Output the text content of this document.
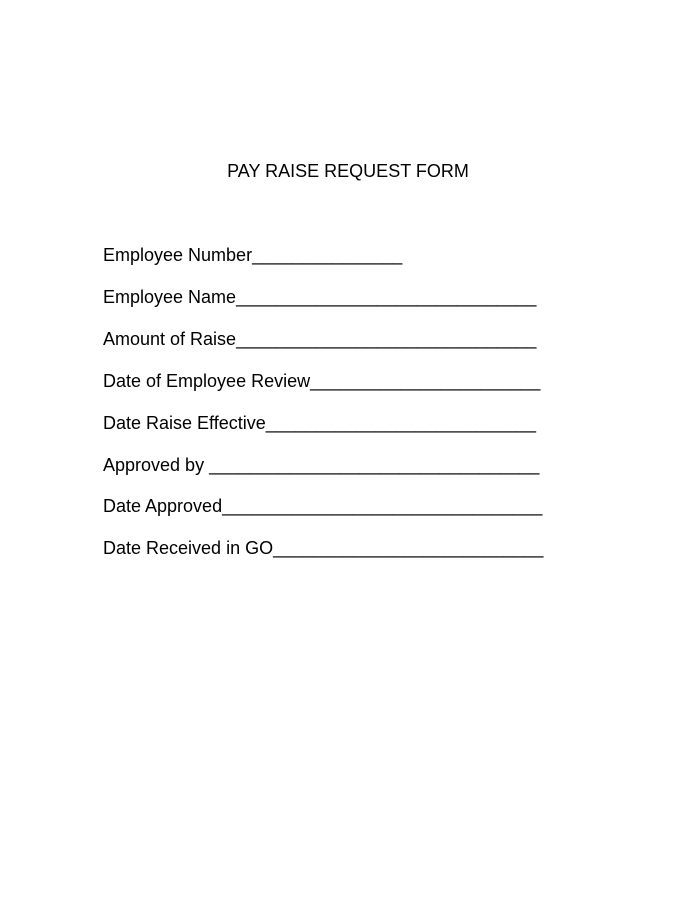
PAY RAISE REQUEST FORM
Employee Number_______________
Employee Name______________________________
Amount of Raise______________________________
Date of Employee Review_______________________
Date Raise Effective___________________________
Approved by _________________________________
Date Approved________________________________
Date Received in GO___________________________
